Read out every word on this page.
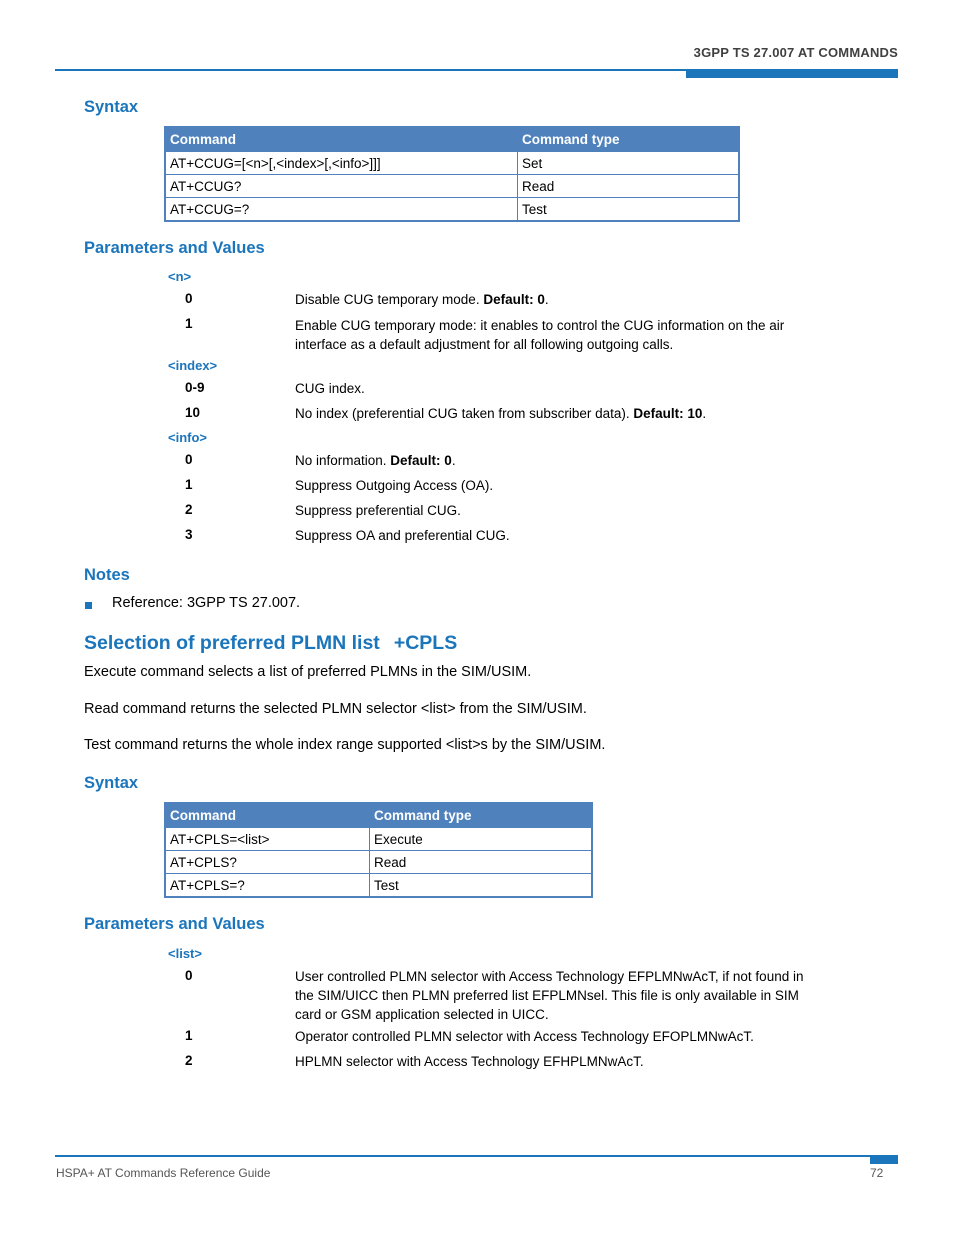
3GPP TS 27.007 AT COMMANDS
Syntax
Command	Command type
AT+CCUG=[<n>[,<index>[,<info>]]]	Set
AT+CCUG?	Read
AT+CCUG=?	Test
Parameters and Values
<n>
0	Disable CUG temporary mode. Default: 0.
1	Enable CUG temporary mode: it enables to control the CUG information on the air interface as a default adjustment for all following outgoing calls.
<index>
0-9	CUG index.
10	No index (preferential CUG taken from subscriber data). Default: 10.
<info>
0	No information. Default: 0.
1	Suppress Outgoing Access (OA).
2	Suppress preferential CUG.
3	Suppress OA and preferential CUG.
Notes
Reference: 3GPP TS 27.007.
Selection of preferred PLMN list +CPLS
Execute command selects a list of preferred PLMNs in the SIM/USIM.
Read command returns the selected PLMN selector <list> from the SIM/USIM.
Test command returns the whole index range supported <list>s by the SIM/USIM.
Syntax
Command	Command type
AT+CPLS=<list>	Execute
AT+CPLS?	Read
AT+CPLS=?	Test
Parameters and Values
<list>
0	User controlled PLMN selector with Access Technology EFPLMNwAcT, if not found in the SIM/UICC then PLMN preferred list EFPLMNsel. This file is only available in SIM card or GSM application selected in UICC.
1	Operator controlled PLMN selector with Access Technology EFOPLMNwAcT.
2	HPLMN selector with Access Technology EFHPLMNwAcT.
HSPA+ AT Commands Reference Guide	72
